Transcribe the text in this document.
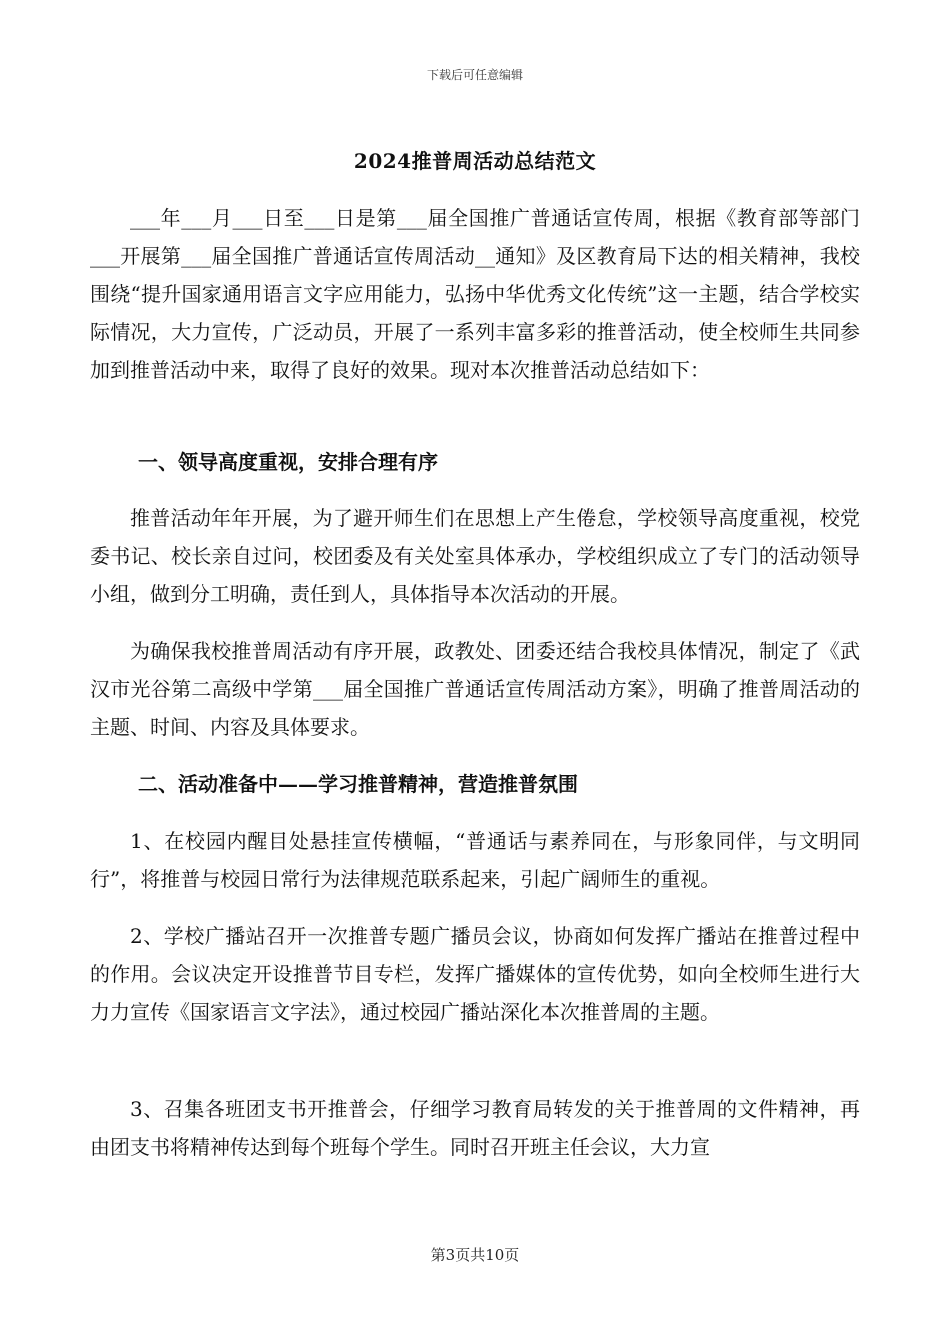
下载后可任意编辑
2024推普周活动总结范文

___年___月___日至___日是第___届全国推广普通话宣传周，根据《教育部等部门___开展第___届全国推广普通话宣传周活动__通知》及区教育局下达的相关精神，我校围绕“提升国家通用语言文字应用能力，弘扬中华优秀文化传统”这一主题，结合学校实际情况，大力宣传，广泛动员，开展了一系列丰富多彩的推普活动，使全校师生共同参加到推普活动中来，取得了良好的效果。现对本次推普活动总结如下：

一、领导高度重视，安排合理有序

推普活动年年开展，为了避开师生们在思想上产生倦怠，学校领导高度重视，校党委书记、校长亲自过问，校团委及有关处室具体承办，学校组织成立了专门的活动领导小组，做到分工明确，责任到人，具体指导本次活动的开展。

为确保我校推普周活动有序开展，政教处、团委还结合我校具体情况，制定了《武汉市光谷第二高级中学第___届全国推广普通话宣传周活动方案》，明确了推普周活动的主题、时间、内容及具体要求。

二、活动准备中——学习推普精神，营造推普氛围

1、在校园内醒目处悬挂宣传横幅，“普通话与素养同在，与形象同伴，与文明同行”，将推普与校园日常行为法律规范联系起来，引起广阔师生的重视。

2、学校广播站召开一次推普专题广播员会议，协商如何发挥广播站在推普过程中的作用。会议决定开设推普节目专栏，发挥广播媒体的宣传优势，如向全校师生进行大力力宣传《国家语言文字法》，通过校园广播站深化本次推普周的主题。

3、召集各班团支书开推普会，仔细学习教育局转发的关于推普周的文件精神，再由团支书将精神传达到每个班每个学生。同时召开班主任会议，大力宣

第3页共10页
